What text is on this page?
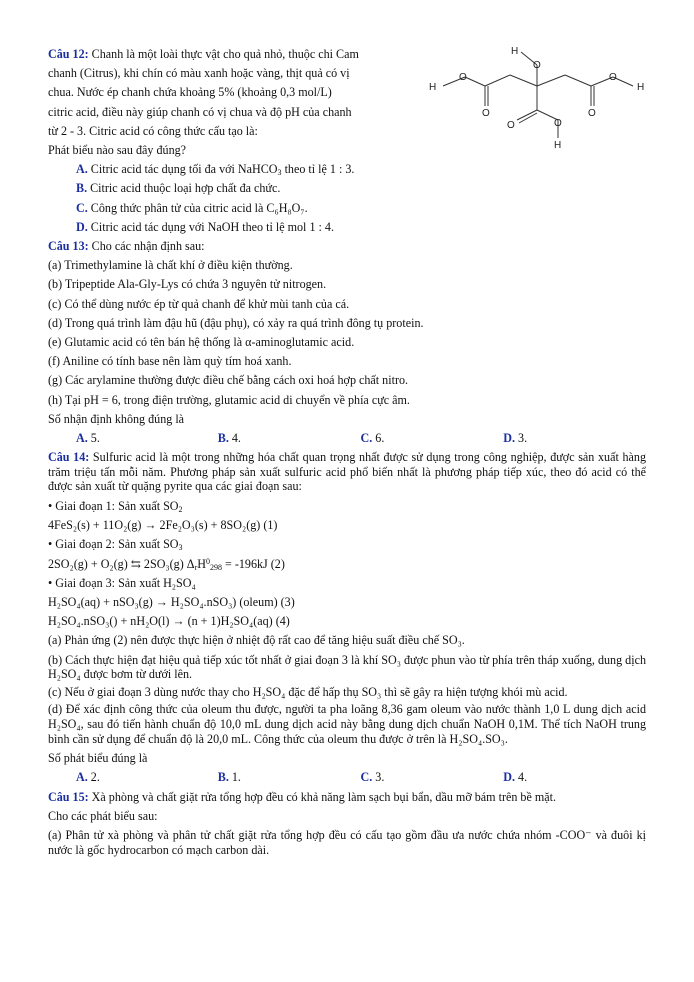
H
O
H
O
O
O
H
O
O	O
H
Câu 12: Chanh là một loài thực vật cho quả nhỏ, thuộc chi Cam
chanh (Citrus), khi chín có màu xanh hoặc vàng, thịt quả có vị
chua. Nước ép chanh chứa khoảng 5% (khoảng 0,3 mol/L)
citric acid, điều này giúp chanh có vị chua và độ pH của chanh
từ 2 - 3. Citric acid có công thức cấu tạo là:
Phát biểu nào sau đây đúng?
A. Citric acid tác dụng tối đa với NaHCO$_3$ theo tỉ lệ 1 : 3.
B. Citric acid thuộc loại hợp chất đa chức.
C. Công thức phân tử của citric acid là C₆H₈O₇.
D. Citric acid tác dụng với NaOH theo tỉ lệ mol 1 : 4.
Câu 13: Cho các nhận định sau:
(a) Trimethylamine là chất khí ở điều kiện thường.
(b) Tripeptide Ala-Gly-Lys có chứa 3 nguyên tử nitrogen.
(c) Có thể dùng nước ép từ quả chanh để khử mùi tanh của cá.
(d) Trong quá trình làm đậu hũ (đậu phụ), có xảy ra quá trình đông tụ protein.
(e) Glutamic acid có tên bán hệ thống là α-aminoglutamic acid.
(f) Aniline có tính base nên làm quỳ tím hoá xanh.
(g) Các arylamine thường được điều chế bằng cách oxi hoá hợp chất nitro.
(h) Tại pH = 6, trong điện trường, glutamic acid di chuyển về phía cực âm.
Số nhận định không đúng là
A. 5.	B. 4.	C. 6.	D. 3.
Câu 14: Sulfuric acid là một trong những hóa chất quan trọng nhất được sử dụng trong công nghiệp, được sản xuất hàng trăm triệu tấn mỗi năm. Phương pháp sản xuất sulfuric acid phổ biến nhất là phương pháp tiếp xúc, theo đó acid có thể được sản xuất từ quặng pyrite qua các giai đoạn sau:
• Giai đoạn 1: Sản xuất $SO_2$
4FeS₂(s) + 11O₂(g) → 2Fe₂O₃(s) + 8SO₂(g) (1)
• Giai đoạn 2: Sản xuất $SO_3$
2SO₂(g) + O₂(g) ⇆ 2SO₃(g) $\Delta_rH^0_{298} = -196kJ$ (2)
• Giai đoạn 3: Sản xuất H₂SO₄
H₂SO₄(aq) + nSO₃(g) → H₂SO₄.nSO₃) (oleum) (3)
H₂SO₄.nSO₃() + nH₂O(l) → (n + 1)H₂SO₄(aq) (4)
(a) Phản ứng (2) nên được thực hiện ở nhiệt độ rất cao để tăng hiệu suất điều chế SO₃.
(b) Cách thực hiện đạt hiệu quả tiếp xúc tốt nhất ở giai đoạn 3 là khí SO₃ được phun vào từ phía trên tháp xuống, dung dịch H₂SO₄ được bơm từ dưới lên.
(c) Nếu ở giai đoạn 3 dùng nước thay cho H₂SO₄ đặc để hấp thụ SO₃ thì sẽ gây ra hiện tượng khói mù acid.
(d) Để xác định công thức của oleum thu được, người ta pha loãng 8,36 gam oleum vào nước thành 1,0 L dung dịch acid H₂SO₄, sau đó tiến hành chuẩn độ 10,0 mL dung dịch acid này bằng dung dịch chuẩn NaOH 0,1M. Thể tích NaOH trung bình cần sử dụng để chuẩn độ là 20,0 mL. Công thức của oleum thu được ở trên là H₂SO₄.SO₃.
Số phát biểu đúng là
A. 2.	B. 1.	C. 3.	D. 4.
Câu 15: Xà phòng và chất giặt rửa tổng hợp đều có khả năng làm sạch bụi bẩn, dầu mỡ bám trên bề mặt.
Cho các phát biểu sau:
(a) Phân tử xà phòng và phân tử chất giặt rửa tổng hợp đều có cấu tạo gồm đầu ưa nước chứa nhóm -COO⁻ và đuôi kị nước là gốc hydrocarbon có mạch carbon dài.
